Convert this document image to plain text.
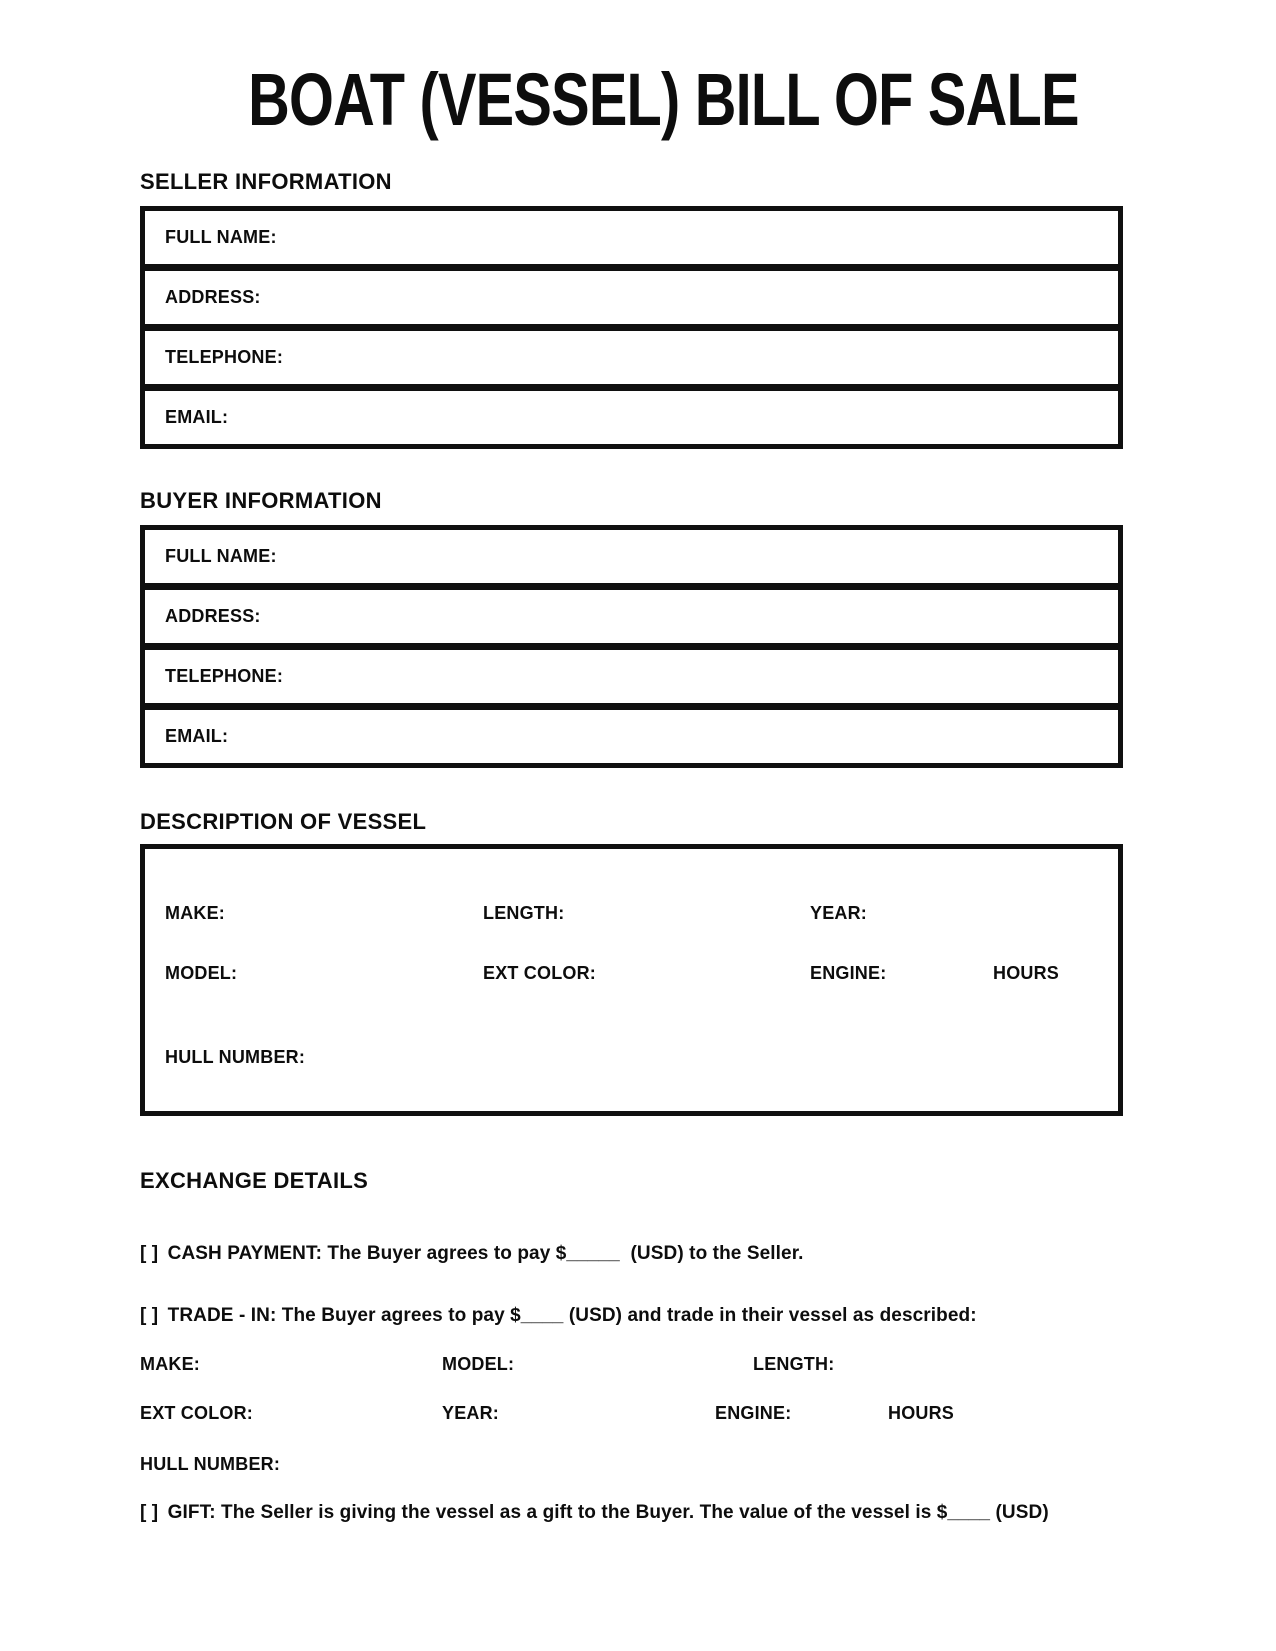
BOAT (VESSEL) BILL OF SALE
SELLER INFORMATION
FULL NAME:
ADDRESS:
TELEPHONE:
EMAIL:
BUYER INFORMATION
FULL NAME:
ADDRESS:
TELEPHONE:
EMAIL:
DESCRIPTION OF VESSEL
MAKE:	LENGTH:	YEAR:
MODEL:	EXT COLOR:	ENGINE:	HOURS
HULL NUMBER:
EXCHANGE DETAILS
[ ] CASH PAYMENT: The Buyer agrees to pay $_____  (USD) to the Seller.
[ ] TRADE - IN: The Buyer agrees to pay $____ (USD) and trade in their vessel as described:
MAKE:	MODEL:	LENGTH:
EXT COLOR:	YEAR:	ENGINE:	HOURS
HULL NUMBER:
[ ] GIFT: The Seller is giving the vessel as a gift to the Buyer. The value of the vessel is $____ (USD)
